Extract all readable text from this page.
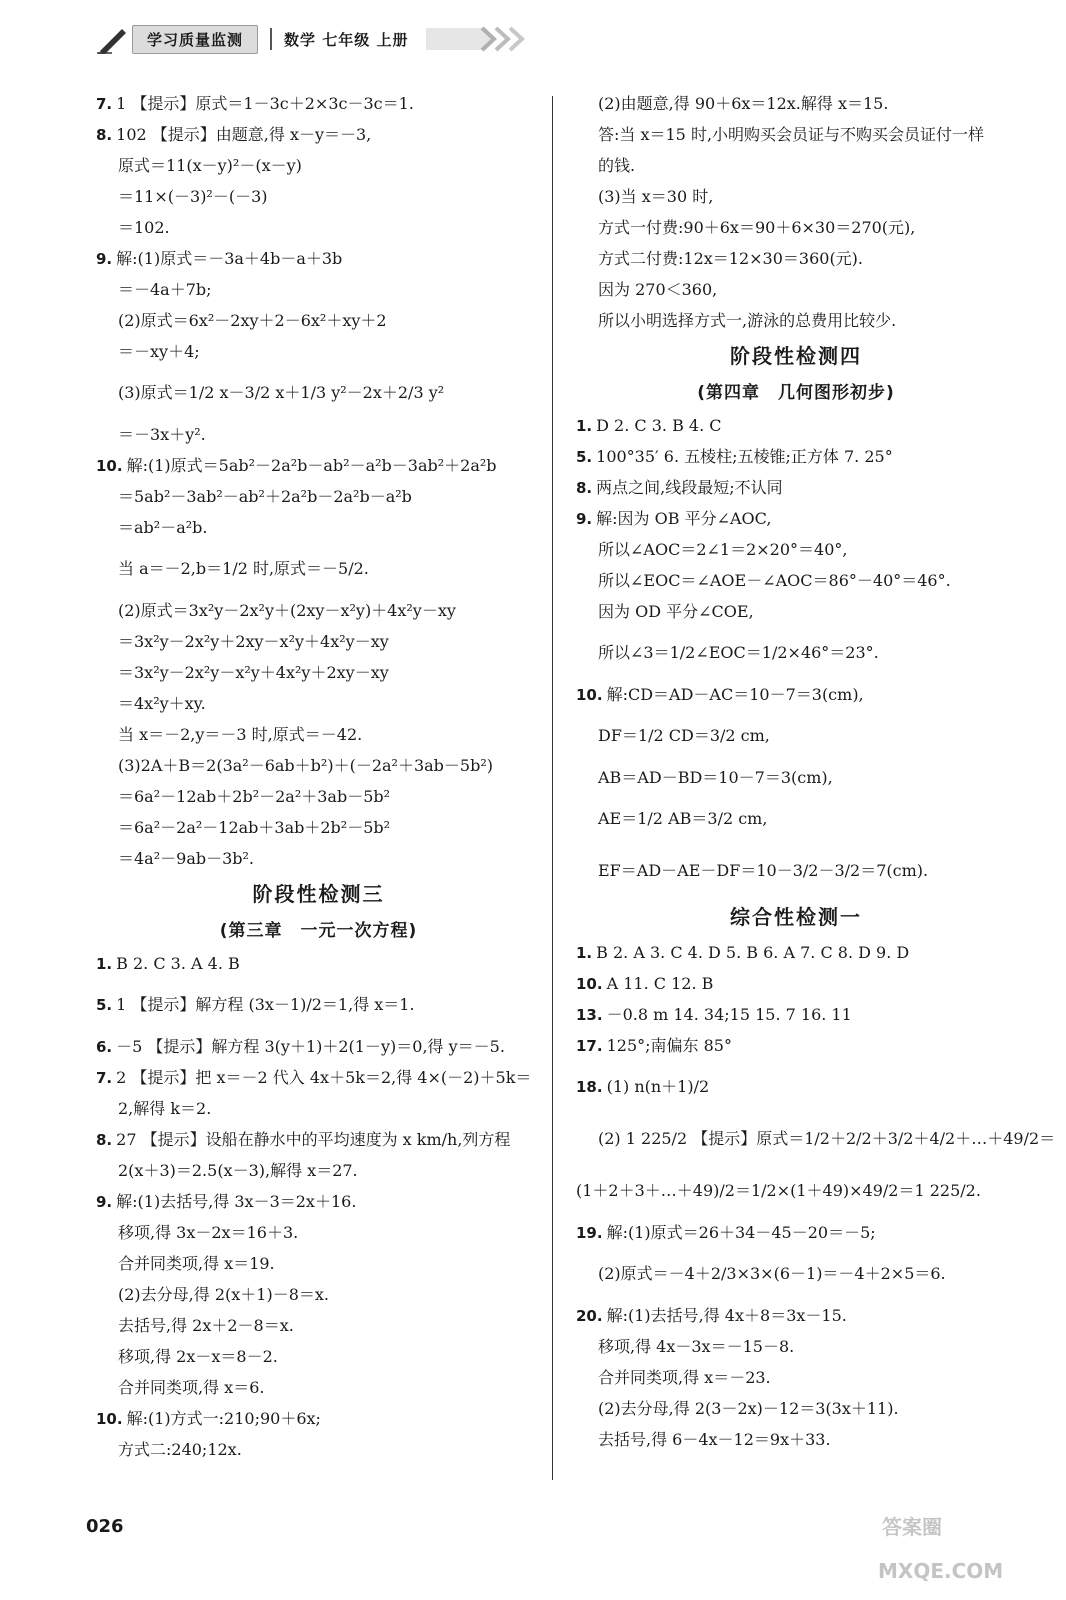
学习质量监测	数学 七年级 上册
7. 1 【提示】原式＝1－3c＋2×3c－3c＝1.
8. 102 【提示】由题意,得 x－y＝－3,
原式＝11(x－y)²－(x－y)
＝11×(－3)²－(－3)
＝102.
9. 解:(1)原式＝－3a＋4b－a＋3b
＝－4a＋7b;
(2)原式＝6x²－2xy＋2－6x²＋xy＋2
＝－xy＋4;
(3)原式＝1/2 x－3/2 x＋1/3 y²－2x＋2/3 y²
＝－3x＋y².
10. 解:(1)原式＝5ab²－2a²b－ab²－a²b－3ab²＋2a²b
＝5ab²－3ab²－ab²＋2a²b－2a²b－a²b
＝ab²－a²b.
当 a＝－2,b＝1/2 时,原式＝－5/2.
(2)原式＝3x²y－2x²y＋(2xy－x²y)＋4x²y－xy
＝3x²y－2x²y＋2xy－x²y＋4x²y－xy
＝3x²y－2x²y－x²y＋4x²y＋2xy－xy
＝4x²y＋xy.
当 x＝－2,y＝－3 时,原式＝－42.
(3)2A＋B＝2(3a²－6ab＋b²)＋(－2a²＋3ab－5b²)
＝6a²－12ab＋2b²－2a²＋3ab－5b²
＝6a²－2a²－12ab＋3ab＋2b²－5b²
＝4a²－9ab－3b².
阶段性检测三
(第三章　一元一次方程)
1. B 2. C 3. A 4. B
5. 1 【提示】解方程 (3x－1)/2＝1,得 x＝1.
6. －5 【提示】解方程 3(y＋1)＋2(1－y)＝0,得 y＝－5.
7. 2 【提示】把 x＝－2 代入 4x＋5k＝2,得 4×(－2)＋5k＝
2,解得 k＝2.
8. 27 【提示】设船在静水中的平均速度为 x km/h,列方程
2(x＋3)＝2.5(x－3),解得 x＝27.
9. 解:(1)去括号,得 3x－3＝2x＋16.
移项,得 3x－2x＝16＋3.
合并同类项,得 x＝19.
(2)去分母,得 2(x＋1)－8＝x.
去括号,得 2x＋2－8＝x.
移项,得 2x－x＝8－2.
合并同类项,得 x＝6.
10. 解:(1)方式一:210;90＋6x;
方式二:240;12x.
(2)由题意,得 90＋6x＝12x.解得 x＝15.
答:当 x＝15 时,小明购买会员证与不购买会员证付一样
的钱.
(3)当 x＝30 时,
方式一付费:90＋6x＝90＋6×30＝270(元),
方式二付费:12x＝12×30＝360(元).
因为 270＜360,
所以小明选择方式一,游泳的总费用比较少.
阶段性检测四
(第四章　几何图形初步)
1. D 2. C 3. B 4. C
5. 100°35′ 6. 五棱柱;五棱锥;正方体 7. 25°
8. 两点之间,线段最短;不认同
9. 解:因为 OB 平分∠AOC,
所以∠AOC＝2∠1＝2×20°＝40°,
所以∠EOC＝∠AOE－∠AOC＝86°－40°＝46°.
因为 OD 平分∠COE,
所以∠3＝1/2∠EOC＝1/2×46°＝23°.
10. 解:CD＝AD－AC＝10－7＝3(cm),
DF＝1/2 CD＝3/2 cm,
AB＝AD－BD＝10－7＝3(cm),
AE＝1/2 AB＝3/2 cm,
EF＝AD－AE－DF＝10－3/2－3/2＝7(cm).
综合性检测一
1. B 2. A 3. C 4. D 5. B 6. A 7. C 8. D 9. D
10. A 11. C 12. B
13. －0.8 m 14. 34;15 15. 7 16. 11
17. 125°;南偏东 85°
18. (1) n(n＋1)/2
(2) 1 225/2 【提示】原式＝1/2＋2/2＋3/2＋4/2＋…＋49/2＝
(1＋2＋3＋…＋49)/2＝1/2×(1＋49)×49/2＝1 225/2.
19. 解:(1)原式＝26＋34－45－20＝－5;
(2)原式＝－4＋2/3×3×(6－1)＝－4＋2×5＝6.
20. 解:(1)去括号,得 4x＋8＝3x－15.
移项,得 4x－3x＝－15－8.
合并同类项,得 x＝－23.
(2)去分母,得 2(3－2x)－12＝3(3x＋11).
去括号,得 6－4x－12＝9x＋33.
026	答案圈
MXQE.COM
